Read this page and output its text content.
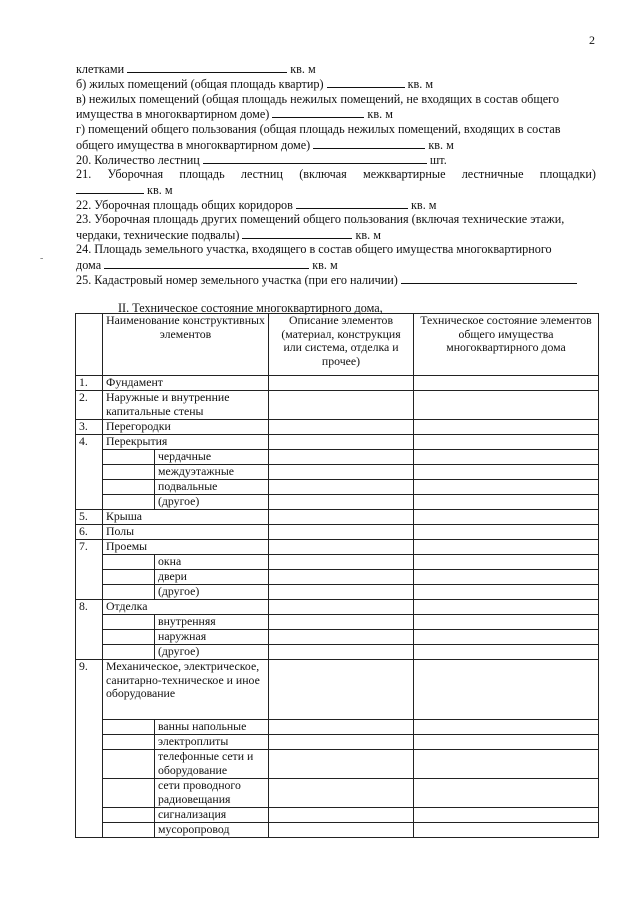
2
клетками	кв. м
б) жилых помещений (общая площадь квартир)	кв. м
в) нежилых помещений (общая площадь нежилых помещений, не входящих в состав общего
имущества в многоквартирном доме)	кв. м
г) помещений общего пользования (общая площадь нежилых помещений, входящих в состав
общего имущества в многоквартирном доме)	кв. м
20. Количество лестниц	шт.
21. Уборочная площадь лестниц (включая межквартирные лестничные площадки)
кв. м
22. Уборочная площадь общих коридоров	кв. м
23. Уборочная площадь других помещений общего пользования (включая технические этажи,
чердаки, технические подвалы)	кв. м
24. Площадь земельного участка, входящего в состав общего имущества многоквартирного
дома	кв. м
25. Кадастровый номер земельного участка (при его наличии)
-
II. Техническое состояние многоквартирного дома,
	Наименование конструктивных элементов		Описание элементов (материал, конструкция или система, отделка и прочее)	Техническое состояние элементов общего имущества многоквартирного дома
1.	Фундамент			
2.	Наружные и внутренние капитальные стены			
3.	Перегородки			
4.	Перекрытия			
		чердачные		
		междуэтажные		
		подвальные		
		(другое)		
5.	Крыша			
6.	Полы			
7.	Проемы			
		окна		
		двери		
		(другое)		
8.	Отделка			
		внутренняя		
		наружная		
		(другое)		
9.	Механическое, электрическое, санитарно-техническое и иное оборудование			
		ванны напольные		
		электроплиты		
		телефонные сети и оборудование		
		сети проводного радиовещания		
		сигнализация		
		мусоропровод		
